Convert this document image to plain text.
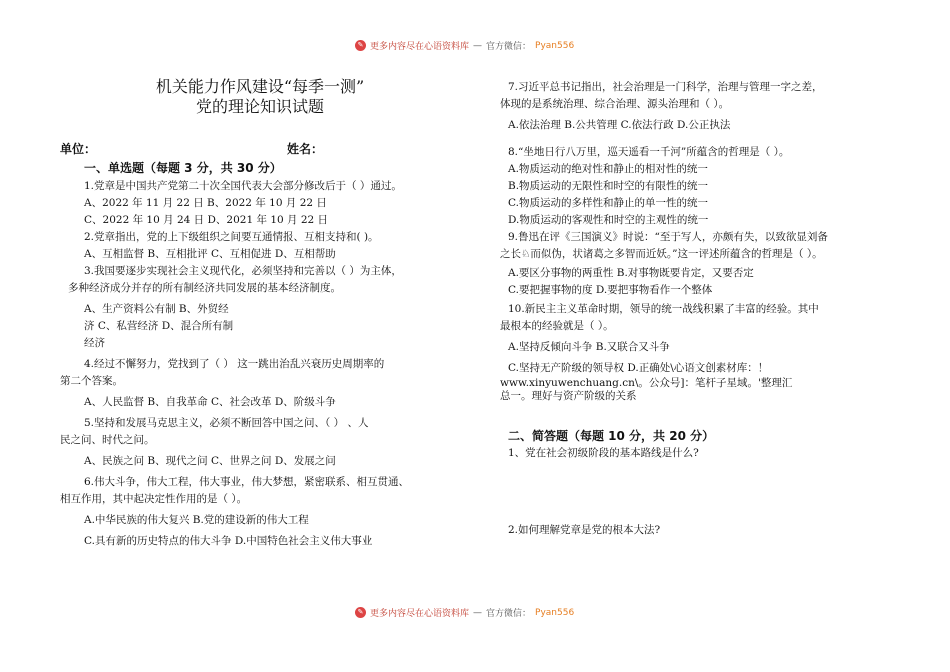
✎ 更多内容尽在心语资料库 — 官方微信： Pyan556
机关能力作风建设“每季一测”
党的理论知识试题
单位：	姓名：
一、单选题（每题 3 分，共 30 分）
1.党章是中国共产党第二十次全国代表大会部分修改后于（ ）通过。
A、2022 年 11 月 22 日 B、2022 年 10 月 22 日
C、2022 年 10 月 24 日 D、2021 年 10 月 22 日
2.党章指出，党的上下级组织之间要互通情报、互相支持和( )。
A、互相监督 B、互相批评 C、互相促进 D、互相帮助
3.我国要逐步实现社会主义现代化，必须坚持和完善以（ ）为主体，
多种经济成分并存的所有制经济共同发展的基本经济制度。
A、生产资料公有制 B、外贸经
济 C、私营经济 D、混合所有制
经济
4.经过不懈努力，党找到了（ ） 这一跳出治乱兴衰历史周期率的
第二个答案。
A、人民监督 B、自我革命 C、社会改革 D、阶级斗争
5.坚持和发展马克思主义，必须不断回答中国之问、（ ） 、人
民之问、时代之问。
A、民族之问 B、现代之问 C、世界之问 D、发展之问
6.伟大斗争，伟大工程，伟大事业，伟大梦想，紧密联系、相互贯通、
相互作用，其中起决定性作用的是（ ）。
A.中华民族的伟大复兴 B.党的建设新的伟大工程
C.具有新的历史特点的伟大斗争 D.中国特色社会主义伟大事业
7.习近平总书记指出，社会治理是一门科学，治理与管理一字之差，
体现的是系统治理、综合治理、源头治理和（ ）。
A.依法治理 B.公共管理 C.依法行政 D.公正执法
8.“坐地日行八万里，巡天遥看一千河”所蕴含的哲理是（ ）。
A.物质运动的绝对性和静止的相对性的统一
B.物质运动的无限性和时空的有限性的统一
C.物质运动的多样性和静止的单一性的统一
D.物质运动的客观性和时空的主观性的统一
9.鲁迅在评《三国演义》时说：“至于写人，亦颇有失，以致欲显刘备
之长♘而似伪，状诸葛之多智而近妖。”这一评述所蕴含的哲理是（ ）。
A.要区分事物的两重性 B.对事物既要肯定，又要否定
C.要把握事物的度 D.要把事物看作一个整体
10.新民主主义革命时期，领导的统一战线积累了丰富的经验。其中
最根本的经验就是（ ）。
A.坚持反倾向斗争 B.又联合又斗争
C.坚持无产阶级的领导权 D.正确处\心语文创素材库：！
www.xinyuwenchuang.cn\。公众号]：笔杆子星域。'整理汇
总一。理好与资产阶级的关系
二、简答题（每题 10 分，共 20 分）
1、党在社会初级阶段的基本路线是什么?
2.如何理解党章是党的根本大法?
✎ 更多内容尽在心语资料库 — 官方微信： Pyan556
